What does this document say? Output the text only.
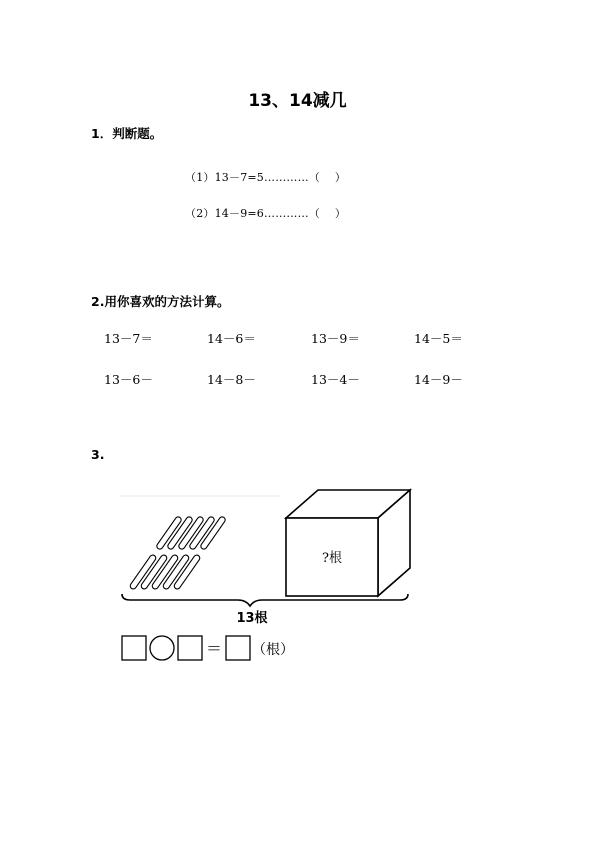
13、14减几
1．判断题。
（1）13－7=5…………（　 ）
（2）14－9=6…………（　 ）
2.用你喜欢的方法计算。
13－7＝	14－6＝	13－9＝	14－5＝
13－6－	14－8－	13－4－	14－9－
3.
?根
13根
＝ （根）
